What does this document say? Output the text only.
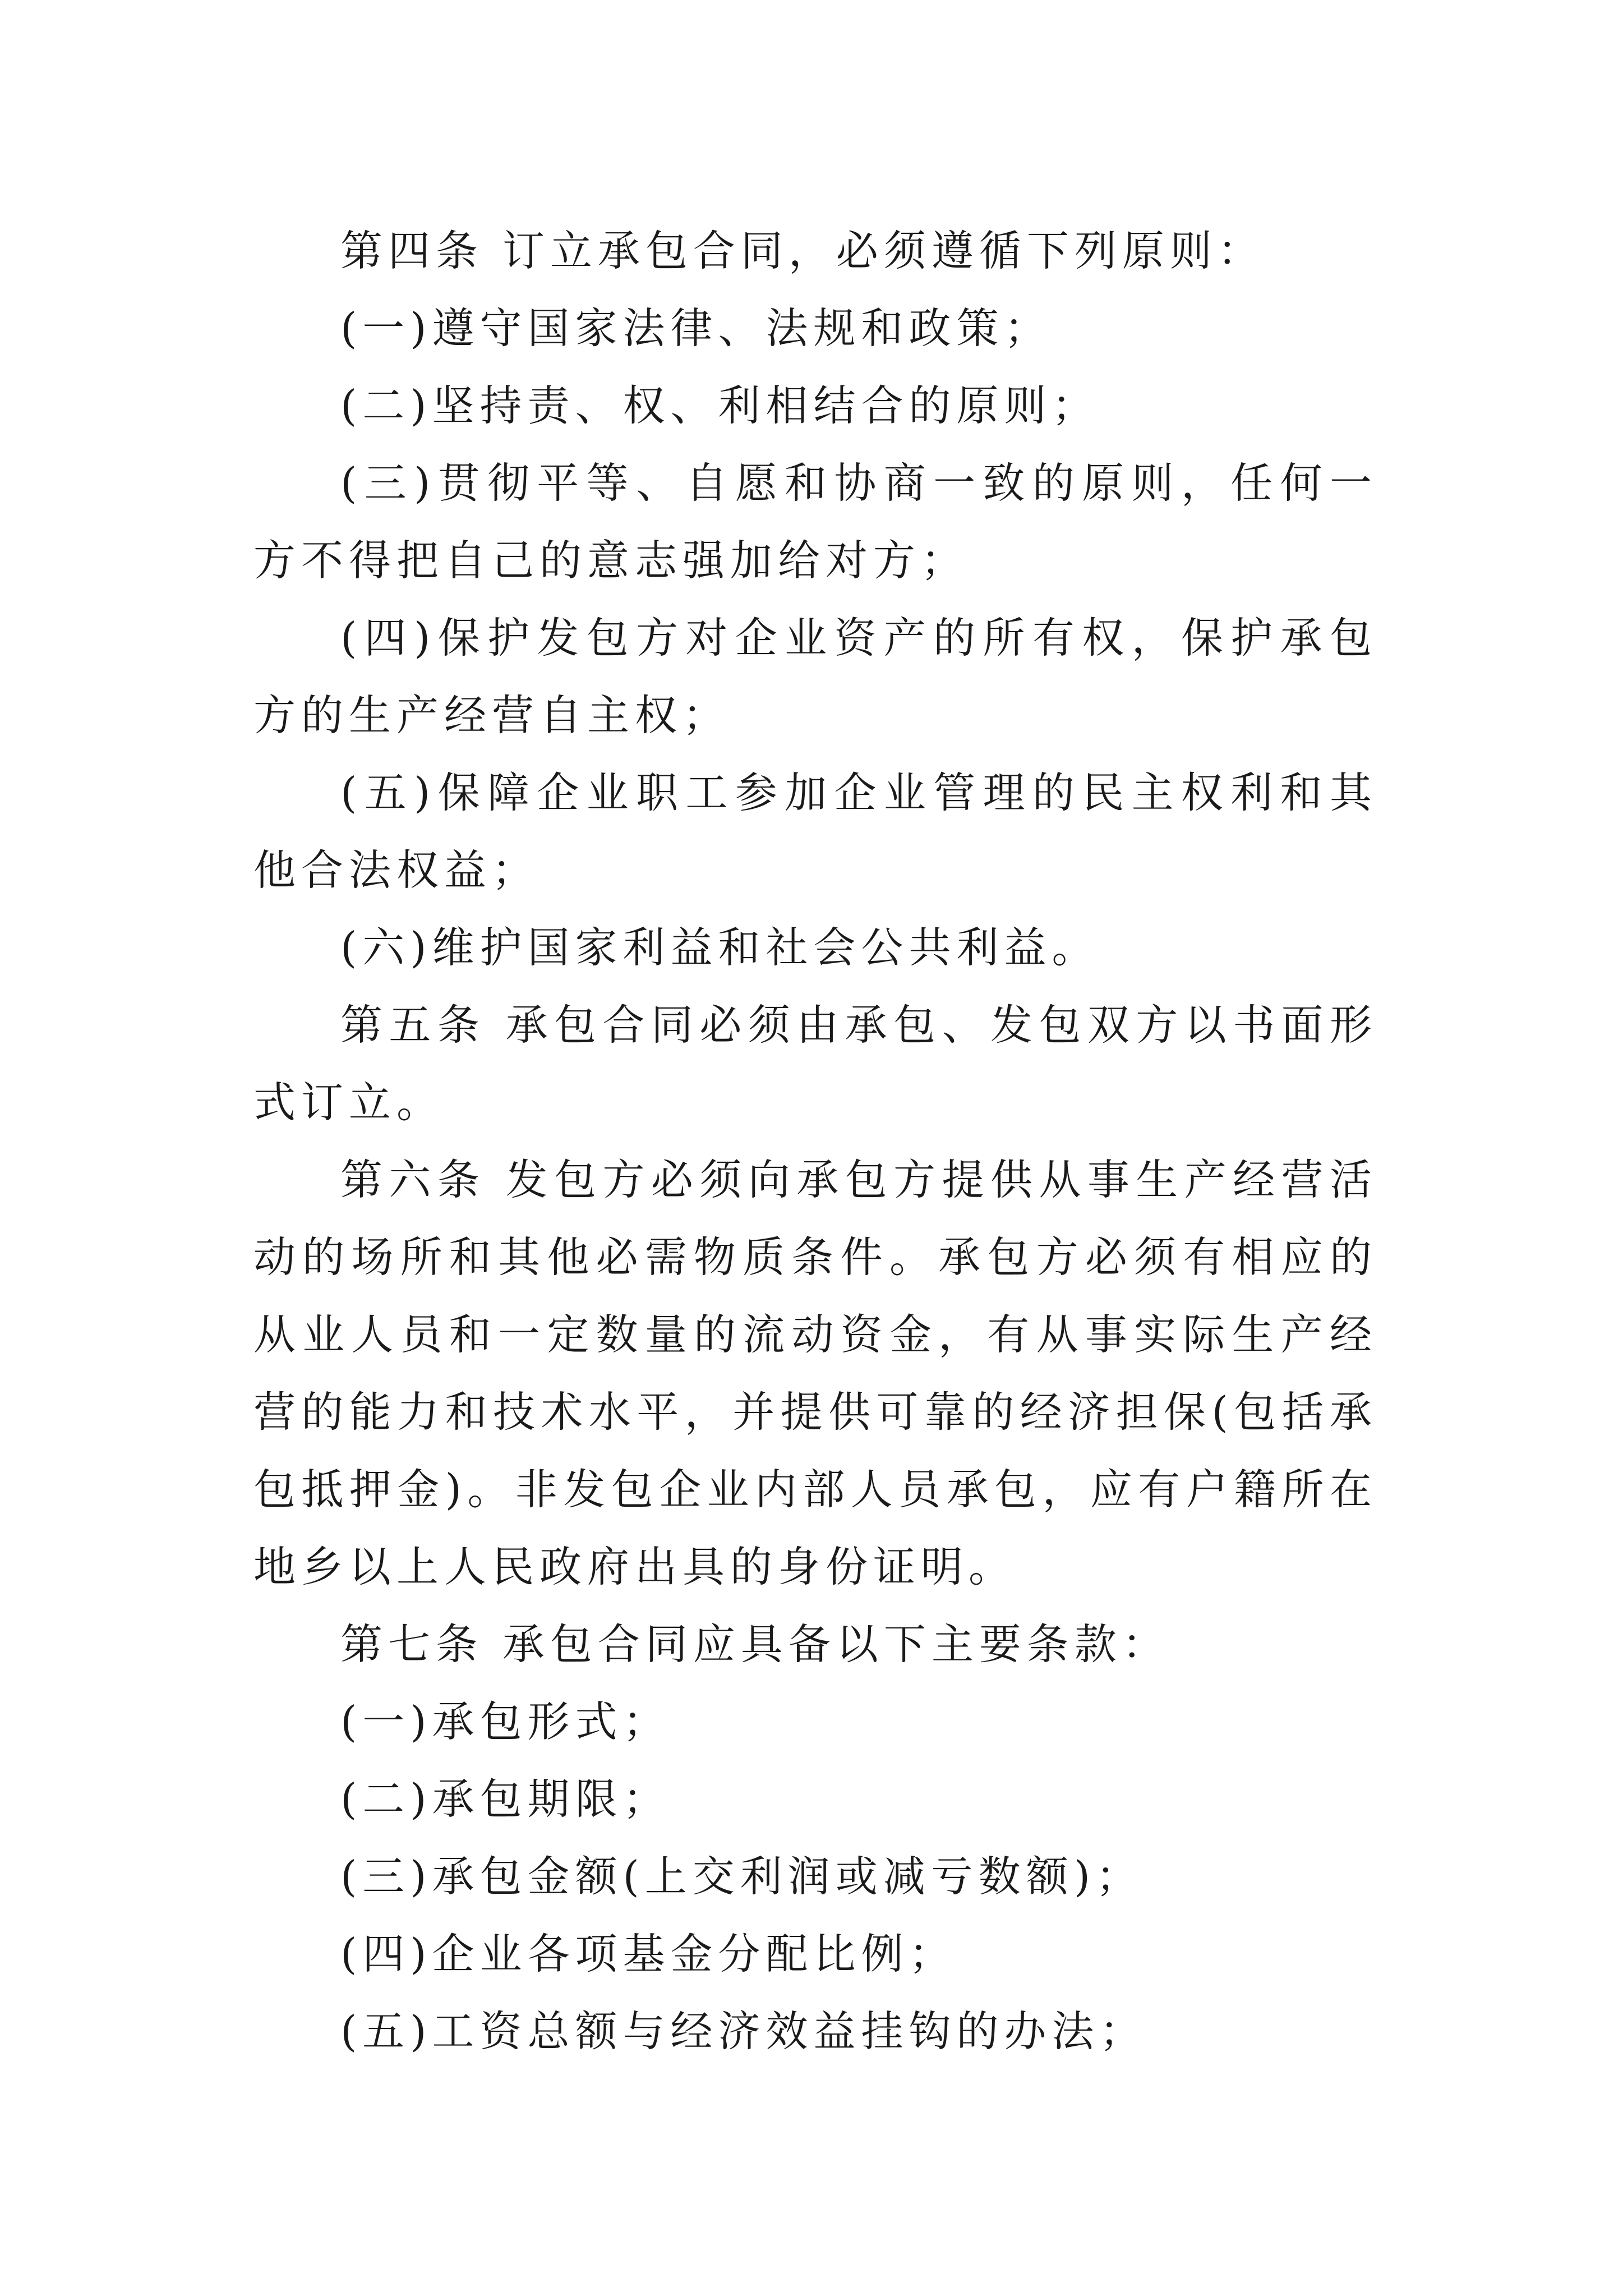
第四条 订立承包合同，必须遵循下列原则：

(一)遵守国家法律、法规和政策；

(二)坚持责、权、利相结合的原则；

(三)贯彻平等、自愿和协商一致的原则，任何一方不得把自己的意志强加给对方；

(四)保护发包方对企业资产的所有权，保护承包方的生产经营自主权；

(五)保障企业职工参加企业管理的民主权利和其他合法权益；

(六)维护国家利益和社会公共利益。

第五条 承包合同必须由承包、发包双方以书面形式订立。

第六条 发包方必须向承包方提供从事生产经营活动的场所和其他必需物质条件。承包方必须有相应的从业人员和一定数量的流动资金，有从事实际生产经营的能力和技术水平，并提供可靠的经济担保(包括承包抵押金)。非发包企业内部人员承包，应有户籍所在地乡以上人民政府出具的身份证明。

第七条 承包合同应具备以下主要条款：

(一)承包形式；

(二)承包期限；

(三)承包金额(上交利润或减亏数额)；

(四)企业各项基金分配比例；

(五)工资总额与经济效益挂钩的办法；
